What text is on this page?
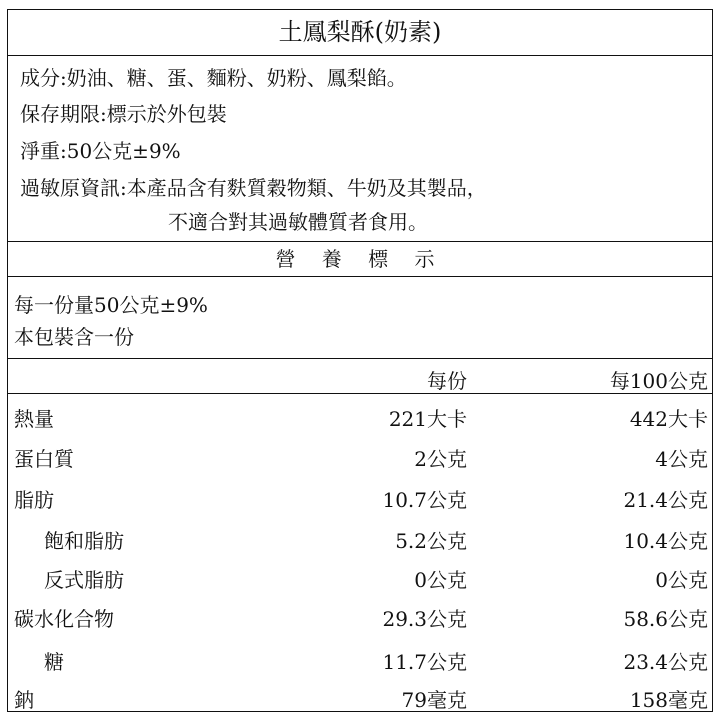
土鳳梨酥(奶素)
成分:奶油、糖、蛋、麵粉、奶粉、鳳梨餡。
保存期限:標示於外包裝
淨重:50公克±9%
過敏原資訊:本產品含有麩質穀物類、牛奶及其製品，
不適合對其過敏體質者食用。
營 養 標 示
每一份量50公克±9%
本包裝含一份
每份	每100公克
熱量	221大卡	442大卡
蛋白質	2公克	4公克
脂肪	10.7公克	21.4公克
飽和脂肪	5.2公克	10.4公克
反式脂肪	0公克	0公克
碳水化合物	29.3公克	58.6公克
糖	11.7公克	23.4公克
鈉	79毫克	158毫克
